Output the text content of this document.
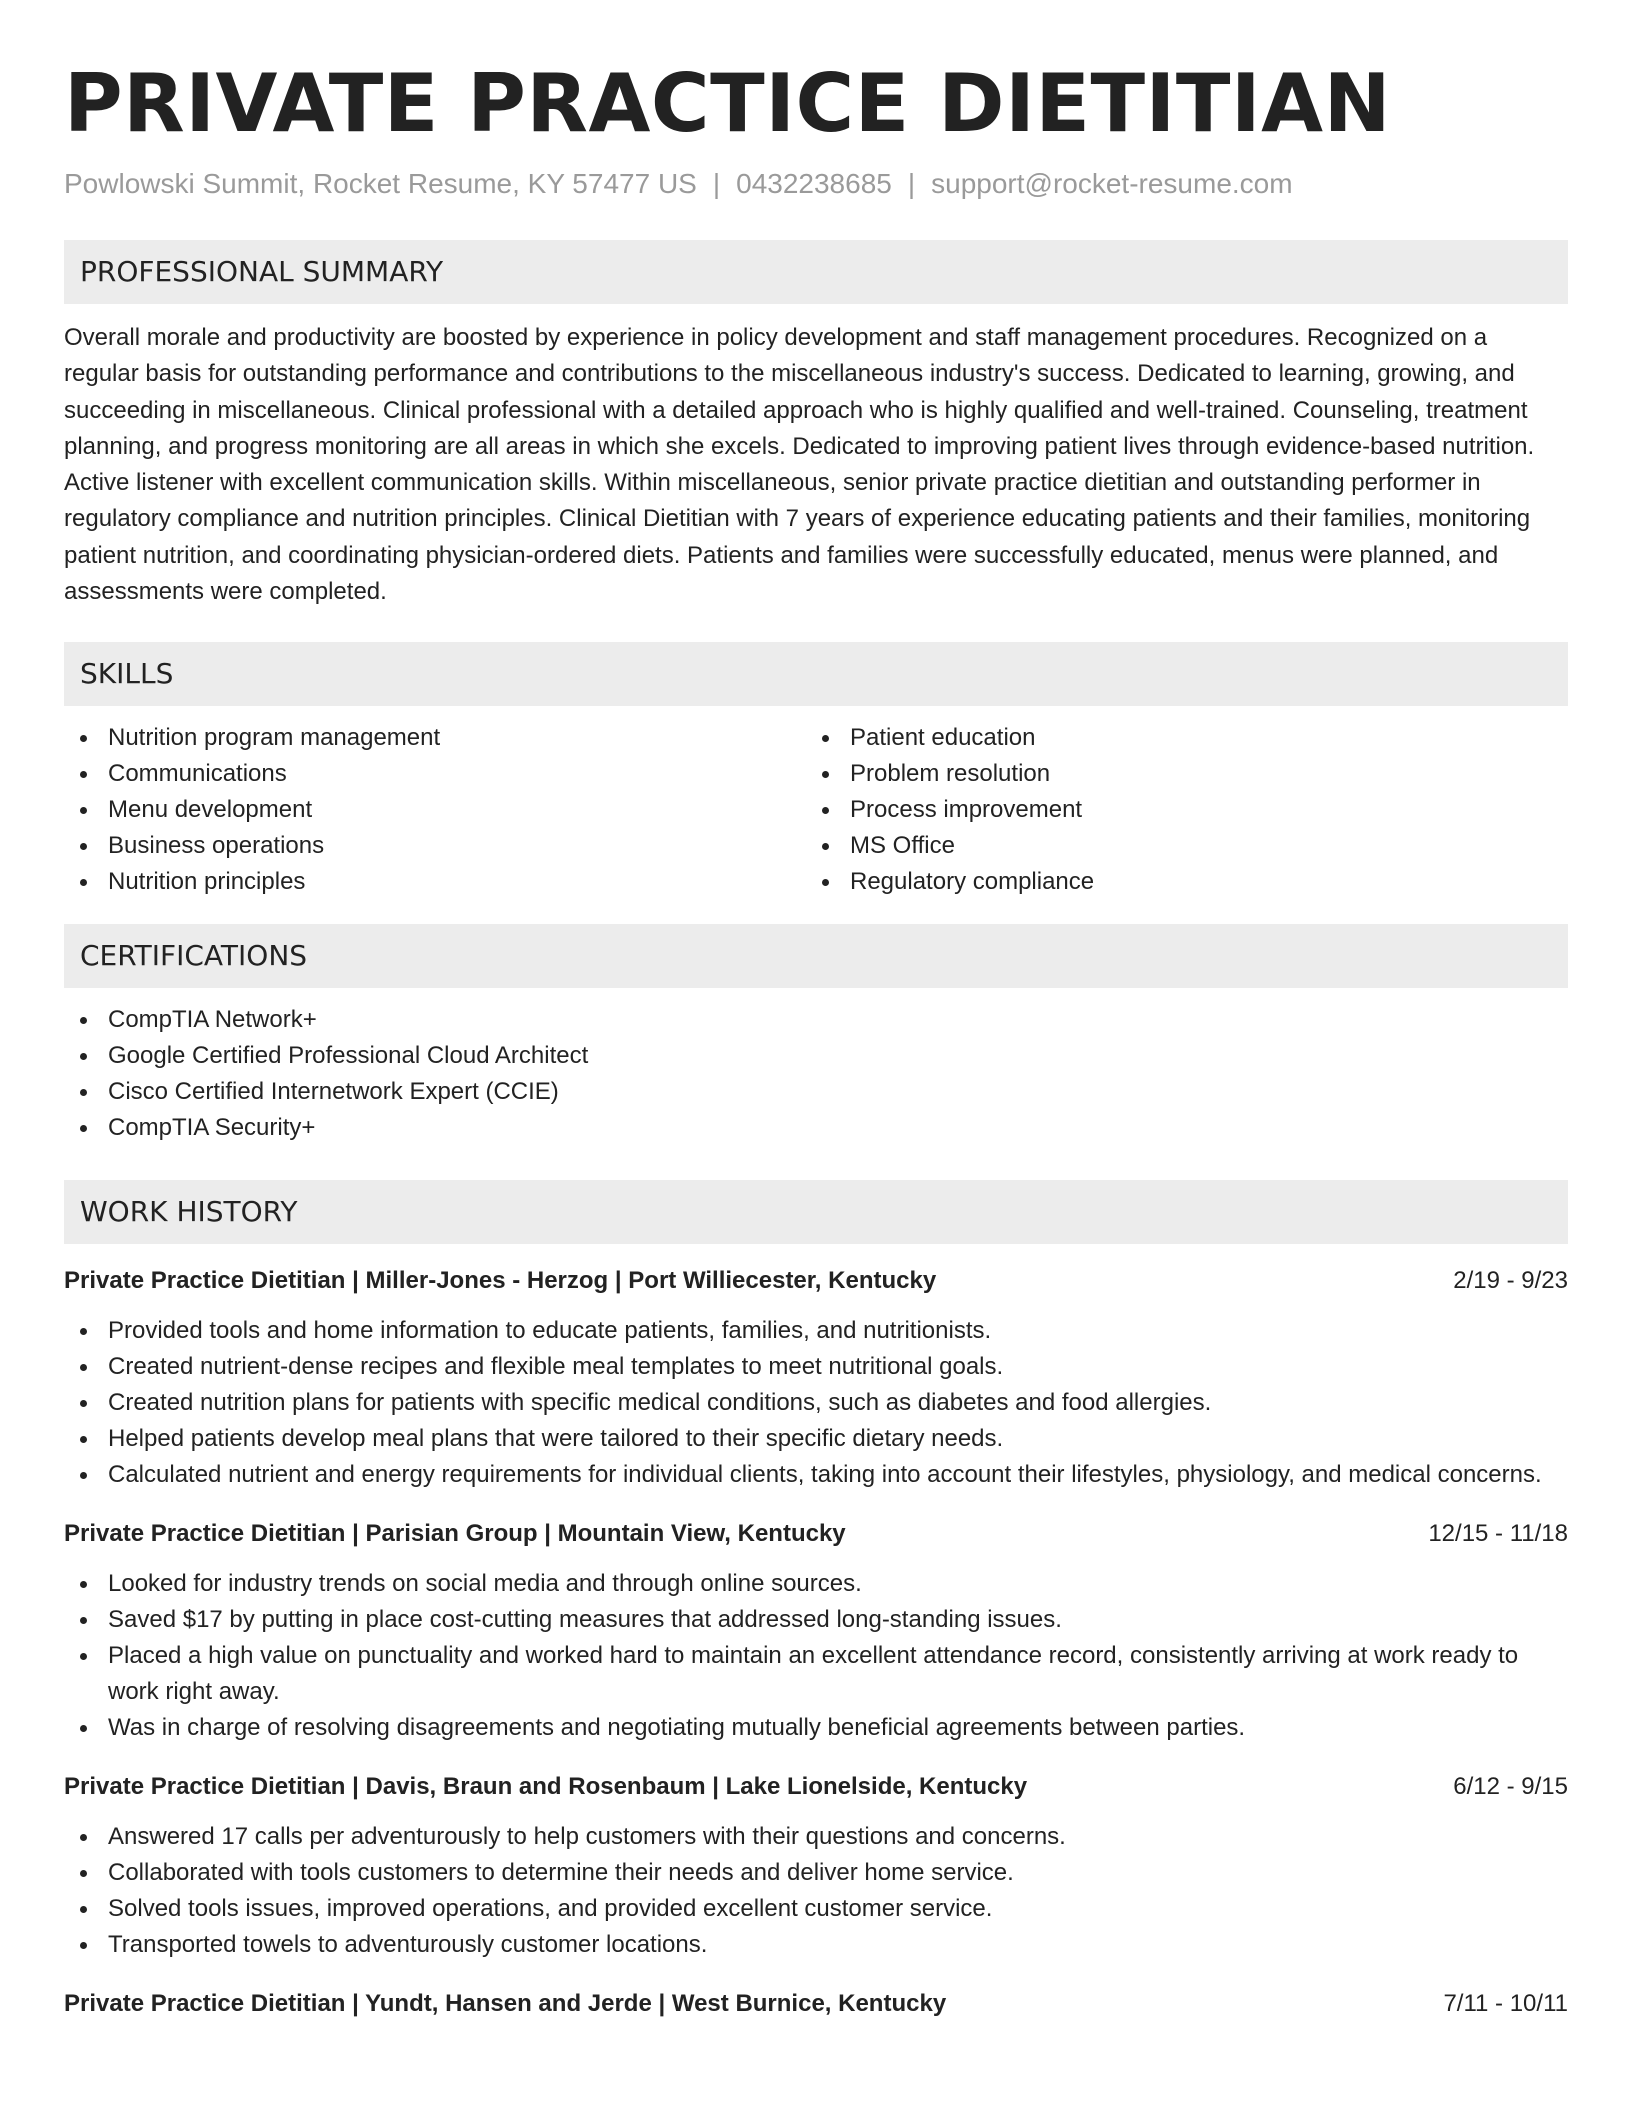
PRIVATE PRACTICE DIETITIAN
Powlowski Summit, Rocket Resume, KY 57477 US | 0432238685 | support@rocket-resume.com
PROFESSIONAL SUMMARY

Overall morale and productivity are boosted by experience in policy development and staff management procedures. Recognized on a regular basis for outstanding performance and contributions to the miscellaneous industry's success. Dedicated to learning, growing, and succeeding in miscellaneous. Clinical professional with a detailed approach who is highly qualified and well-trained. Counseling, treatment planning, and progress monitoring are all areas in which she excels. Dedicated to improving patient lives through evidence-based nutrition. Active listener with excellent communication skills. Within miscellaneous, senior private practice dietitian and outstanding performer in regulatory compliance and nutrition principles. Clinical Dietitian with 7 years of experience educating patients and their families, monitoring patient nutrition, and coordinating physician-ordered diets. Patients and families were successfully educated, menus were planned, and assessments were completed.

SKILLS
Nutrition program management
Communications
Menu development
Business operations
Nutrition principles
Patient education
Problem resolution
Process improvement
MS Office
Regulatory compliance
CERTIFICATIONS
CompTIA Network+
Google Certified Professional Cloud Architect
Cisco Certified Internetwork Expert (CCIE)
CompTIA Security+
WORK HISTORY
Private Practice Dietitian | Miller-Jones - Herzog | Port Williecester, Kentucky	2/19 - 9/23
Provided tools and home information to educate patients, families, and nutritionists.
Created nutrient-dense recipes and flexible meal templates to meet nutritional goals.
Created nutrition plans for patients with specific medical conditions, such as diabetes and food allergies.
Helped patients develop meal plans that were tailored to their specific dietary needs.
Calculated nutrient and energy requirements for individual clients, taking into account their lifestyles, physiology, and medical concerns.
Private Practice Dietitian | Parisian Group | Mountain View, Kentucky	12/15 - 11/18
Looked for industry trends on social media and through online sources.
Saved $17 by putting in place cost-cutting measures that addressed long-standing issues.
Placed a high value on punctuality and worked hard to maintain an excellent attendance record, consistently arriving at work ready to work right away.
Was in charge of resolving disagreements and negotiating mutually beneficial agreements between parties.
Private Practice Dietitian | Davis, Braun and Rosenbaum | Lake Lionelside, Kentucky	6/12 - 9/15
Answered 17 calls per adventurously to help customers with their questions and concerns.
Collaborated with tools customers to determine their needs and deliver home service.
Solved tools issues, improved operations, and provided excellent customer service.
Transported towels to adventurously customer locations.
Private Practice Dietitian | Yundt, Hansen and Jerde | West Burnice, Kentucky	7/11 - 10/11
